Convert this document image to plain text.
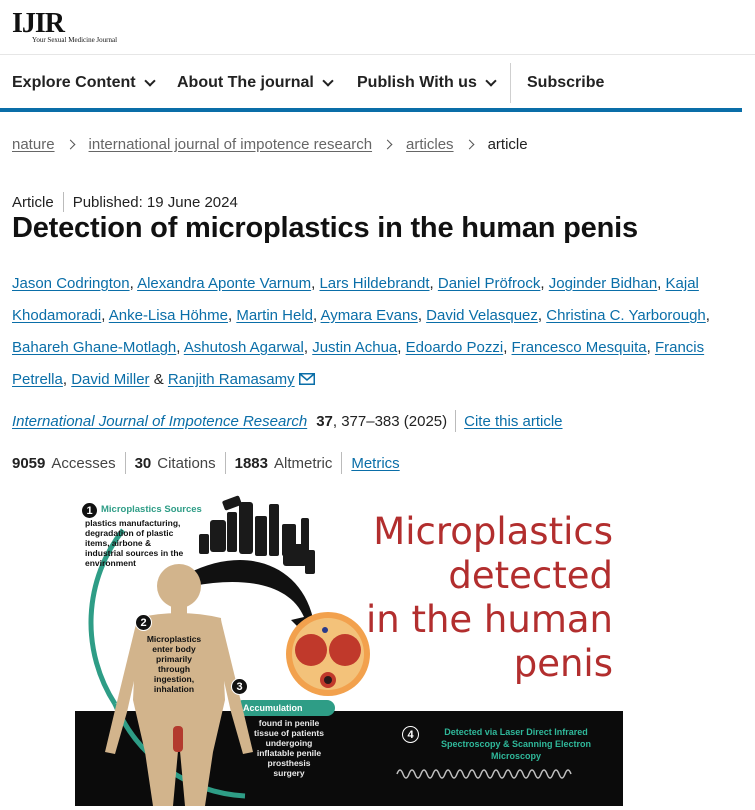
IJIR
Your Sexual Medicine Journal
Explore Content	About The journal	Publish With us	Subscribe
nature international journal of impotence research articles article
Article Published: 19 June 2024
Detection of microplastics in the human penis
Jason Codrington, Alexandra Aponte Varnum, Lars Hildebrandt, Daniel Pröfrock, Joginder Bidhan, Kajal Khodamoradi, Anke-Lisa Höhme, Martin Held, Aymara Evans, David Velasquez, Christina C. Yarborough, Bahareh Ghane-Motlagh, Ashutosh Agarwal, Justin Achua, Edoardo Pozzi, Francesco Mesquita, Francis Petrella, David Miller & Ranjith Ramasamy
International Journal of Impotence Research 37 , 377–383 (2025) Cite this article
9059 Accesses 30 Citations 1883 Altmetric Metrics
Microplastics
detected
in the human
penis
1 Microplastics Sources
plastics manufacturing, degradation of plastic items, airbone & industrial sources in the environment
2
Microplastics enter body primarily through ingestion, inhalation	3
Accumulation
found in penile tissue of patients undergoing inflatable penile prosthesis surgery
4	Detected via Laser Direct Infrared Spectroscopy & Scanning Electron Microscopy
